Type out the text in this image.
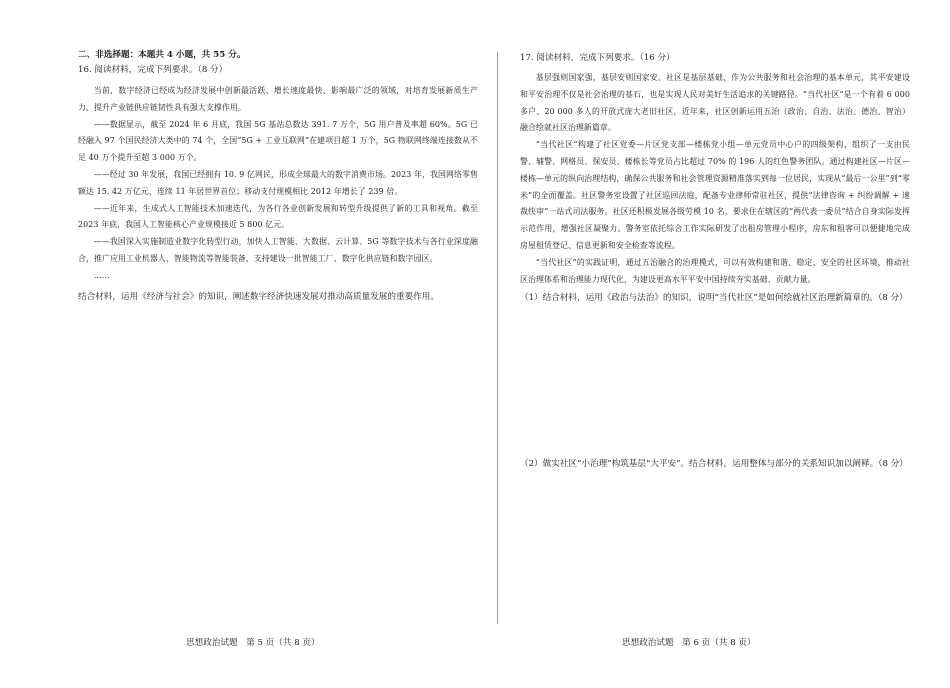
二、非选择题：本题共 4 小题，共 55 分。

16. 阅读材料，完成下列要求。（8 分）

当前，数字经济已经成为经济发展中创新最活跃、增长速度最快、影响最广泛的领域，对培育发展新质生产力、提升产业链供应链韧性具有强大支撑作用。

——数据显示，截至 2024 年 6 月底，我国 5G 基站总数达 391. 7 万个，5G 用户普及率超 60%。5G 已经融入 97 个国民经济大类中的 74 个，全国“5G + 工业互联网”在建项目超 1 万个，5G 物联网终端连接数从不足 40 万个提升至超 3 000 万个。

——经过 30 年发展，我国已经拥有 10. 9 亿网民，形成全球最大的数字消费市场。2023 年，我国网络零售额达 15. 42 万亿元，连续 11 年居世界首位；移动支付规模相比 2012 年增长了 239 倍。

——近年来，生成式人工智能技术加速迭代，为各行各业创新发展和转型升级提供了新的工具和视角。截至 2023 年底，我国人工智能核心产业规模接近 5 800 亿元。

——我国深入实施制造业数字化转型行动，加快人工智能、大数据、云计算、5G 等数字技术与各行业深度融合，推广应用工业机器人、智能物流等智能装备，支持建设一批智能工厂、数字化供应链和数字园区。

……

结合材料，运用《经济与社会》的知识，阐述数字经济快速发展对推动高质量发展的重要作用。

思想政治试题　第 5 页（共 8 页）

17. 阅读材料，完成下列要求。（16 分）

基层强则国家强，基层安则国家安。社区是基层基础，作为公共服务和社会治理的基本单元，其平安建设和平安治理不仅是社会治理的基石，也是实现人民对美好生活追求的关键路径。“当代社区”是一个有着 6 000 多户、20 000 多人的开放式庞大老旧社区，近年来，社区创新运用五治（政治、自治、法治、德治、智治）融合绘就社区治理新篇章。

“当代社区”构建了社区党委—片区党支部—楼栋党小组—单元党员中心户的四级架构，组织了一支由民警、辅警、网格员、保安员、楼栋长等党员占比超过 70% 的 196 人的红色警务团队。通过构建社区—片区—楼栋—单元的纵向治理结构，确保公共服务和社会管理资源精准落实到每一位居民，实现从“最后一公里”到“零米”的全面覆盖。社区警务室设置了社区巡回法庭，配备专业律师常驻社区，提供“法律咨询 + 纠纷调解 + 速裁快审”一站式司法服务。社区还积极发展各级劳模 10 名，要求住在辖区的“两代表一委员”结合自身实际发挥示范作用，增强社区凝聚力。警务室依托综合工作实际研发了出租房管理小程序，房东和租客可以便捷地完成房屋租赁登记、信息更新和安全检查等流程。

“当代社区”的实践证明，通过五治融合的治理模式，可以有效构建和谐、稳定、安全的社区环境，推动社区治理体系和治理能力现代化，为建设更高水平平安中国持续夯实基础、贡献力量。

（1）结合材料，运用《政治与法治》的知识，说明“当代社区”是如何绘就社区治理新篇章的。（8 分）

（2）做实社区“小治理”构筑基层“大平安”。结合材料，运用整体与部分的关系知识加以阐释。（8 分）

思想政治试题　第 6 页（共 8 页）
